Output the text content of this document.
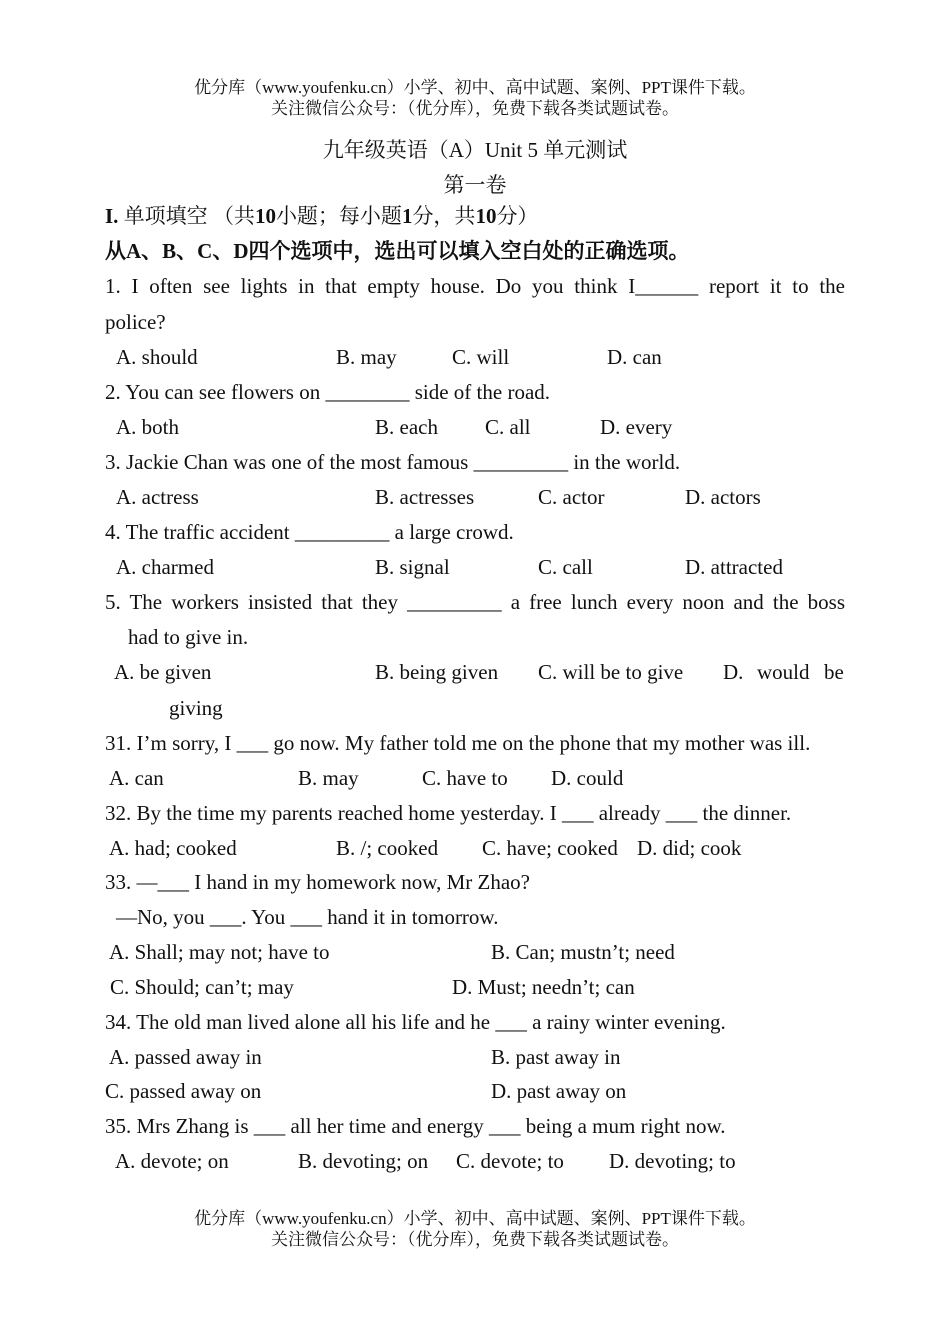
优分库（www.youfenku.cn）小学、初中、高中试题、案例、PPT课件下载。
关注微信公众号：（优分库），免费下载各类试题试卷。
九年级英语（A）Unit 5 单元测试
第一卷
I. 单项填空 （共10小题；每小题1分，共10分）
从A、B、C、D四个选项中，选出可以填入空白处的正确选项。
1. I often see lights in that empty house. Do you think I______ report it to the
police?
A. should	B. may	C. will	D. can
2. You can see flowers on ________ side of the road.
A. both	B. each C. all	D. every
3. Jackie Chan was one of the most famous _________ in the world.
A. actress	B. actresses	C. actor	D. actors
4. The traffic accident _________ a large crowd.
A. charmed	B. signal	C. call	D. attracted
5. The workers insisted that they _________ a free lunch every noon and the boss
had to give in.
A. be given	B. being given C. will be to give D. would be
giving
31. I’m sorry, I ___ go now. My father told me on the phone that my mother was ill.
A. can	B. may	C. have to D. could
32. By the time my parents reached home yesterday. I ___ already ___ the dinner.
A. had; cooked	B. /; cooked C. have; cooked D. did; cook
33. —___ I hand in my homework now, Mr Zhao?
—No, you ___. You ___ hand it in tomorrow.
A. Shall; may not; have to	B. Can; mustn’t; need
C. Should; can’t; may	D. Must; needn’t; can
34. The old man lived alone all his life and he ___ a rainy winter evening.
A. passed away in	B. past away in
C. passed away on	D. past away on
35. Mrs Zhang is ___ all her time and energy ___ being a mum right now.
A. devote; on	B. devoting; on C. devote; to D. devoting; to
优分库（www.youfenku.cn）小学、初中、高中试题、案例、PPT课件下载。
关注微信公众号：（优分库），免费下载各类试题试卷。
